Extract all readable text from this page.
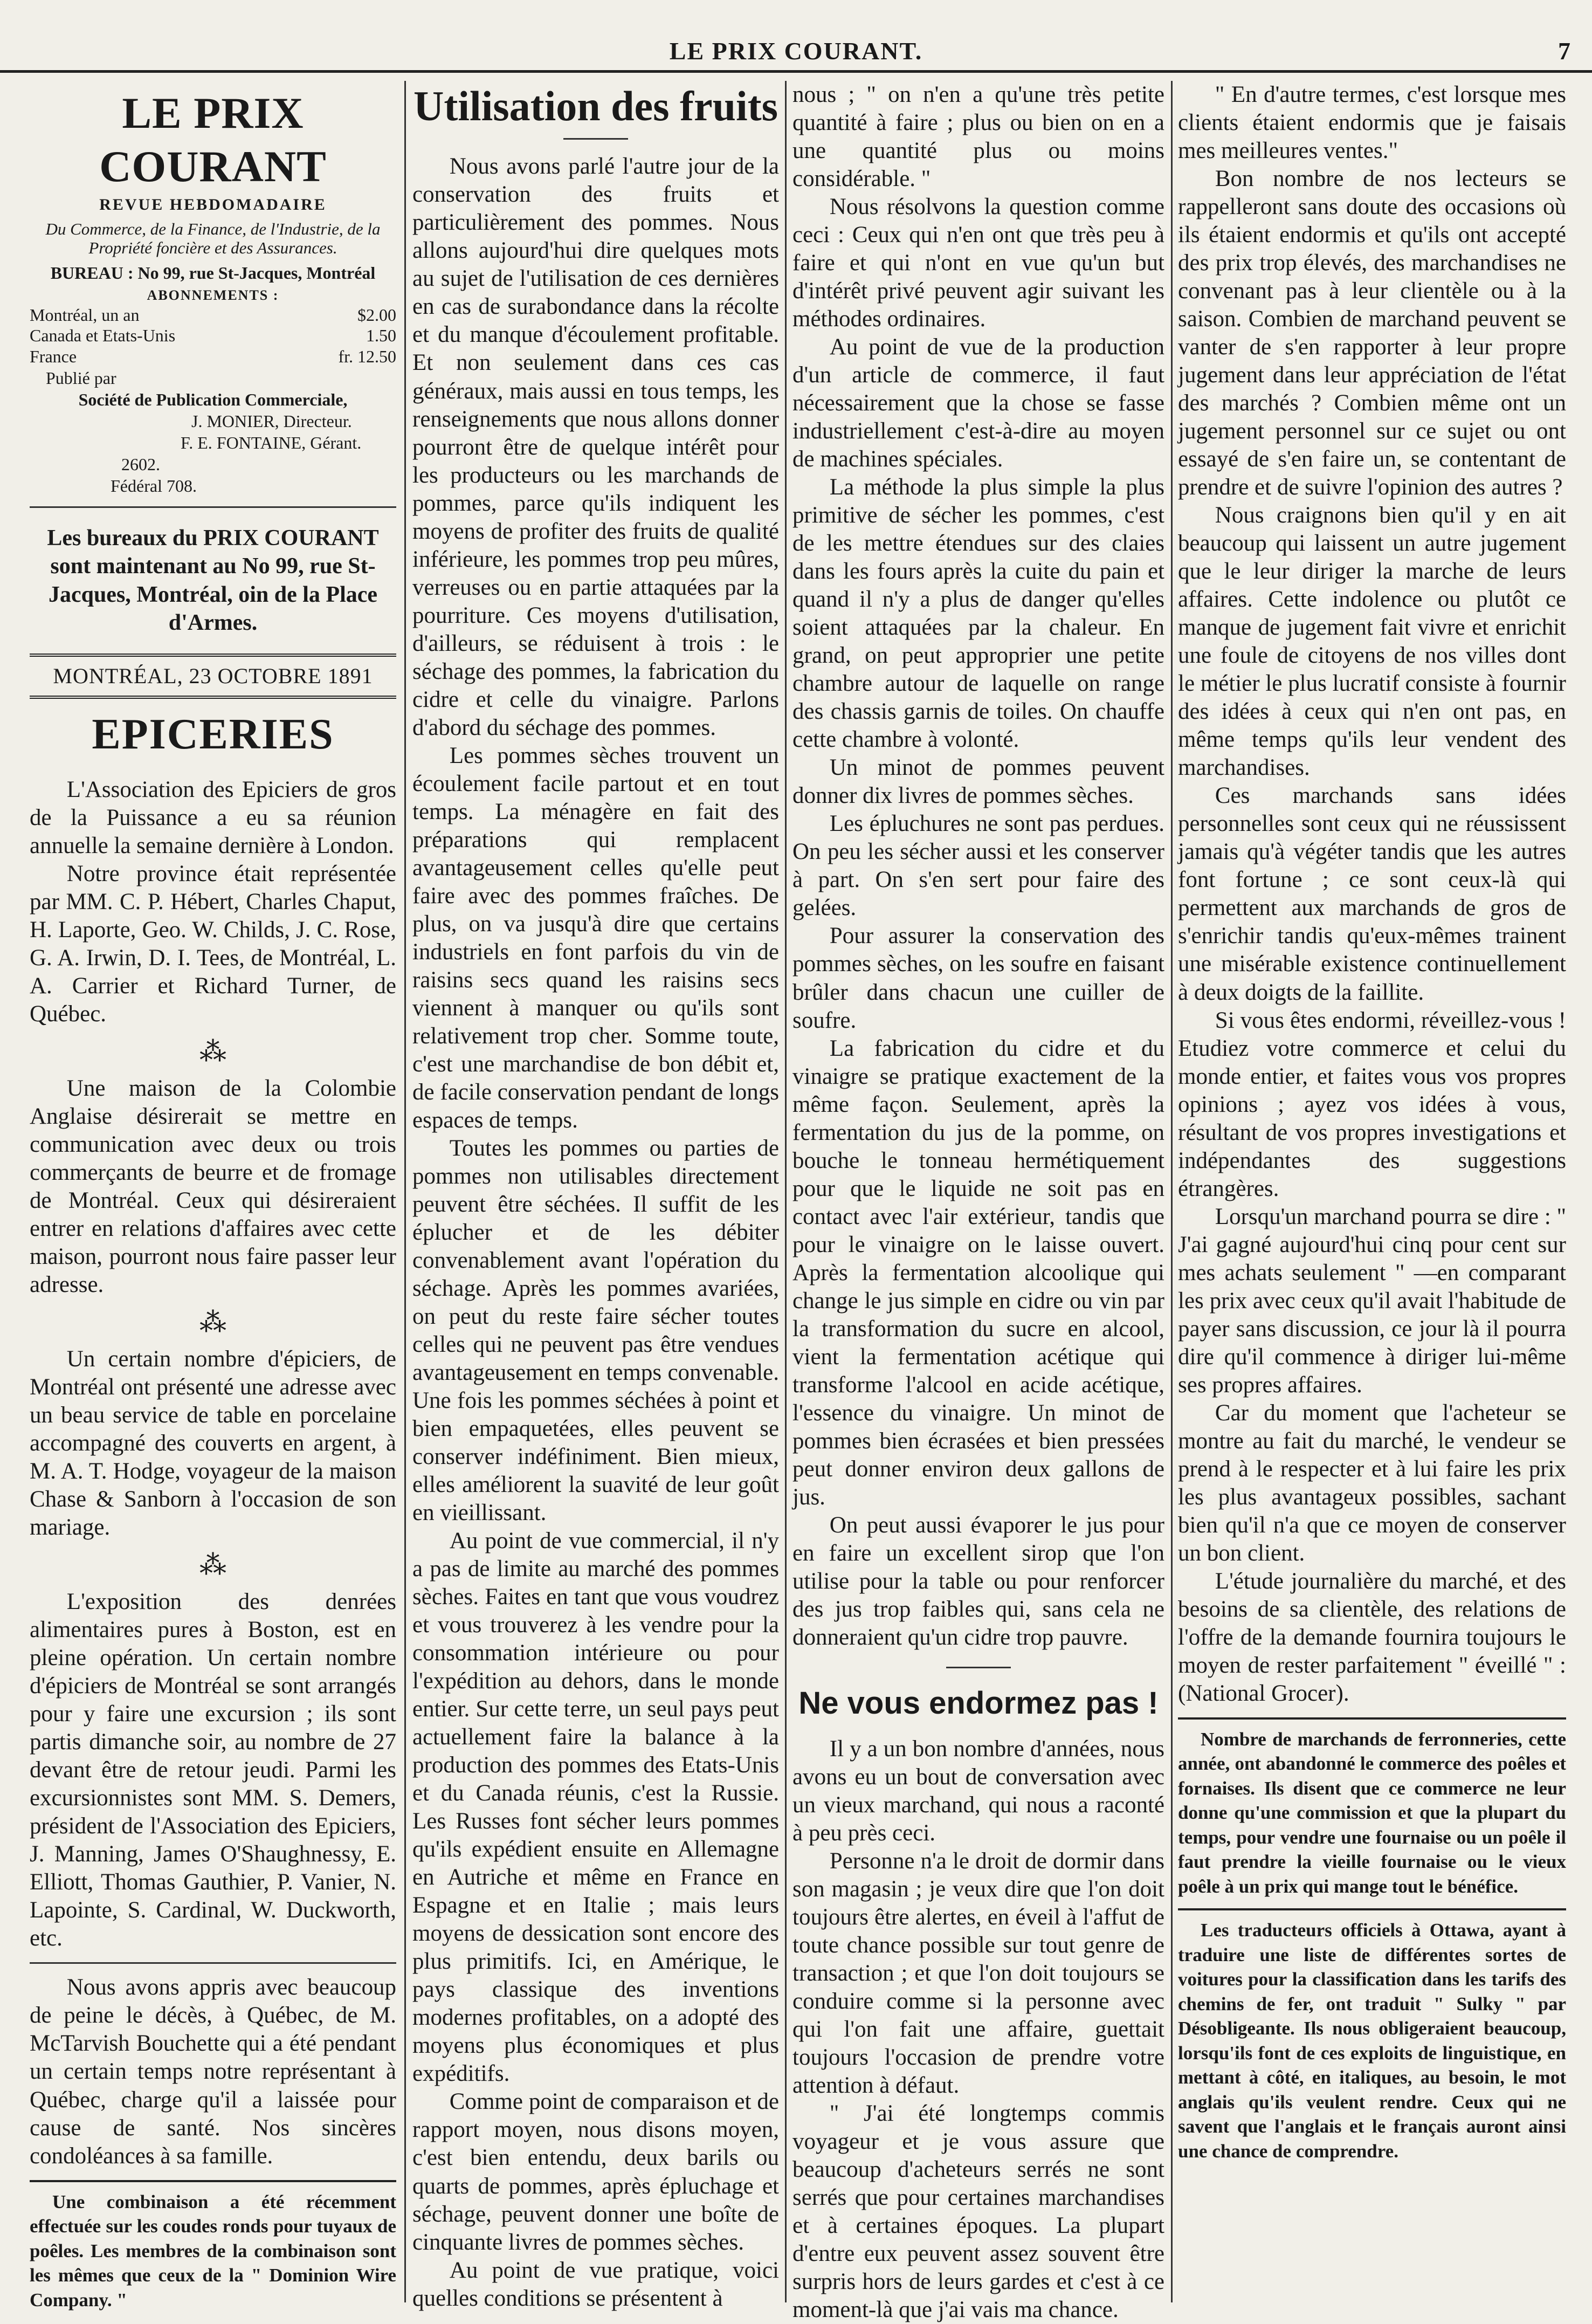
LE PRIX COURANT.	7
LE PRIX COURANT
REVUE HEBDOMADAIRE
Du Commerce, de la Finance, de l'Industrie, de la Propriété foncière et des Assurances.
BUREAU : No 99, rue St-Jacques, Montréal
ABONNEMENTS :
Montréal, un an	$2.00
Canada et Etats-Unis	1.50
France	fr. 12.50
Publié par
Société de Publication Commerciale,
J. MONIER, Directeur.
F. E. FONTAINE, Gérant.
2602.
Fédéral 708.
Les bureaux du PRIX COURANT sont maintenant au No 99, rue St-Jacques, Montréal, oin de la Place d'Armes.
MONTRÉAL, 23 OCTOBRE 1891
EPICERIES

L'Association des Epiciers de gros de la Puissance a eu sa réunion annuelle la semaine dernière à London.

Notre province était représentée par MM. C. P. Hébert, Charles Chaput, H. Laporte, Geo. W. Childs, J. C. Rose, G. A. Irwin, D. I. Tees, de Montréal, L. A. Carrier et Richard Turner, de Québec.

⁂

Une maison de la Colombie Anglaise désirerait se mettre en communication avec deux ou trois commerçants de beurre et de fromage de Montréal. Ceux qui désireraient entrer en relations d'affaires avec cette maison, pourront nous faire passer leur adresse.

⁂

Un certain nombre d'épiciers, de Montréal ont présenté une adresse avec un beau service de table en porcelaine accompagné des couverts en argent, à M. A. T. Hodge, voyageur de la maison Chase & Sanborn à l'occasion de son mariage.

⁂

L'exposition des denrées alimentaires pures à Boston, est en pleine opération. Un certain nombre d'épiciers de Montréal se sont arrangés pour y faire une excursion ; ils sont partis dimanche soir, au nombre de 27 devant être de retour jeudi. Parmi les excursionnistes sont MM. S. Demers, président de l'Association des Epiciers, J. Manning, James O'Shaughnessy, E. Elliott, Thomas Gauthier, P. Vanier, N. Lapointe, S. Cardinal, W. Duckworth, etc.

Nous avons appris avec beaucoup de peine le décès, à Québec, de M. McTarvish Bouchette qui a été pendant un certain temps notre représentant à Québec, charge qu'il a laissée pour cause de santé. Nos sincères condoléances à sa famille.

Une combinaison a été récemment effectuée sur les coudes ronds pour tuyaux de poêles. Les membres de la combinaison sont les mêmes que ceux de la " Dominion Wire Company. "

Utilisation des fruits

Nous avons parlé l'autre jour de la conservation des fruits et particulièrement des pommes. Nous allons aujourd'hui dire quelques mots au sujet de l'utilisation de ces dernières en cas de surabondance dans la récolte et du manque d'écoulement profitable. Et non seulement dans ces cas généraux, mais aussi en tous temps, les renseignements que nous allons donner pourront être de quelque intérêt pour les producteurs ou les marchands de pommes, parce qu'ils indiquent les moyens de profiter des fruits de qualité inférieure, les pommes trop peu mûres, verreuses ou en partie attaquées par la pourriture. Ces moyens d'utilisation, d'ailleurs, se réduisent à trois : le séchage des pommes, la fabrication du cidre et celle du vinaigre. Parlons d'abord du séchage des pommes.

Les pommes sèches trouvent un écoulement facile partout et en tout temps. La ménagère en fait des préparations qui remplacent avantageusement celles qu'elle peut faire avec des pommes fraîches. De plus, on va jusqu'à dire que certains industriels en font parfois du vin de raisins secs quand les raisins secs viennent à manquer ou qu'ils sont relativement trop cher. Somme toute, c'est une marchandise de bon débit et, de facile conservation pendant de longs espaces de temps.

Toutes les pommes ou parties de pommes non utilisables directement peuvent être séchées. Il suffit de les éplucher et de les débiter convenablement avant l'opération du séchage. Après les pommes avariées, on peut du reste faire sécher toutes celles qui ne peuvent pas être vendues avantageusement en temps convenable. Une fois les pommes séchées à point et bien empaquetées, elles peuvent se conserver indéfiniment. Bien mieux, elles améliorent la suavité de leur goût en vieillissant.

Au point de vue commercial, il n'y a pas de limite au marché des pommes sèches. Faites en tant que vous voudrez et vous trouverez à les vendre pour la consommation intérieure ou pour l'expédition au dehors, dans le monde entier. Sur cette terre, un seul pays peut actuellement faire la balance à la production des pommes des Etats-Unis et du Canada réunis, c'est la Russie. Les Russes font sécher leurs pommes qu'ils expédient ensuite en Allemagne en Autriche et même en France en Espagne et en Italie ; mais leurs moyens de dessication sont encore des plus primitifs. Ici, en Amérique, le pays classique des inventions modernes profitables, on a adopté des moyens plus économiques et plus expéditifs.

Comme point de comparaison et de rapport moyen, nous disons moyen, c'est bien entendu, deux barils ou quarts de pommes, après épluchage et séchage, peuvent donner une boîte de cinquante livres de pommes sèches.

Au point de vue pratique, voici quelles conditions se présentent à

nous ; " on n'en a qu'une très petite quantité à faire ; plus ou bien on en a une quantité plus ou moins considérable. "

Nous résolvons la question comme ceci : Ceux qui n'en ont que très peu à faire et qui n'ont en vue qu'un but d'intérêt privé peuvent agir suivant les méthodes ordinaires.

Au point de vue de la production d'un article de commerce, il faut nécessairement que la chose se fasse industriellement c'est-à-dire au moyen de machines spéciales.

La méthode la plus simple la plus primitive de sécher les pommes, c'est de les mettre étendues sur des claies dans les fours après la cuite du pain et quand il n'y a plus de danger qu'elles soient attaquées par la chaleur. En grand, on peut approprier une petite chambre autour de laquelle on range des chassis garnis de toiles. On chauffe cette chambre à volonté.

Un minot de pommes peuvent donner dix livres de pommes sèches.

Les épluchures ne sont pas perdues. On peu les sécher aussi et les conserver à part. On s'en sert pour faire des gelées.

Pour assurer la conservation des pommes sèches, on les soufre en faisant brûler dans chacun une cuiller de soufre.

La fabrication du cidre et du vinaigre se pratique exactement de la même façon. Seulement, après la fermentation du jus de la pomme, on bouche le tonneau hermétiquement pour que le liquide ne soit pas en contact avec l'air extérieur, tandis que pour le vinaigre on le laisse ouvert. Après la fermentation alcoolique qui change le jus simple en cidre ou vin par la transformation du sucre en alcool, vient la fermentation acétique qui transforme l'alcool en acide acétique, l'essence du vinaigre. Un minot de pommes bien écrasées et bien pressées peut donner environ deux gallons de jus.

On peut aussi évaporer le jus pour en faire un excellent sirop que l'on utilise pour la table ou pour renforcer des jus trop faibles qui, sans cela ne donneraient qu'un cidre trop pauvre.

Ne vous endormez pas !

Il y a un bon nombre d'années, nous avons eu un bout de conversation avec un vieux marchand, qui nous a raconté à peu près ceci.

Personne n'a le droit de dormir dans son magasin ; je veux dire que l'on doit toujours être alertes, en éveil à l'affut de toute chance possible sur tout genre de transaction ; et que l'on doit toujours se conduire comme si la personne avec qui l'on fait une affaire, guettait toujours l'occasion de prendre votre attention à défaut.

" J'ai été longtemps commis voyageur et je vous assure que beaucoup d'acheteurs serrés ne sont serrés que pour certaines marchandises et à certaines époques. La plupart d'entre eux peuvent assez souvent être surpris hors de leurs gardes et c'est à ce moment-là que j'ai vais ma chance.

" En d'autre termes, c'est lorsque mes clients étaient endormis que je faisais mes meilleures ventes."

Bon nombre de nos lecteurs se rappelleront sans doute des occasions où ils étaient endormis et qu'ils ont accepté des prix trop élevés, des marchandises ne convenant pas à leur clientèle ou à la saison. Combien de marchand peuvent se vanter de s'en rapporter à leur propre jugement dans leur appréciation de l'état des marchés ? Combien même ont un jugement personnel sur ce sujet ou ont essayé de s'en faire un, se contentant de prendre et de suivre l'opinion des autres ?

Nous craignons bien qu'il y en ait beaucoup qui laissent un autre jugement que le leur diriger la marche de leurs affaires. Cette indolence ou plutôt ce manque de jugement fait vivre et enrichit une foule de citoyens de nos villes dont le métier le plus lucratif consiste à fournir des idées à ceux qui n'en ont pas, en même temps qu'ils leur vendent des marchandises.

Ces marchands sans idées personnelles sont ceux qui ne réussissent jamais qu'à végéter tandis que les autres font fortune ; ce sont ceux-là qui permettent aux marchands de gros de s'enrichir tandis qu'eux-mêmes trainent une misérable existence continuellement à deux doigts de la faillite.

Si vous êtes endormi, réveillez-vous ! Etudiez votre commerce et celui du monde entier, et faites vous vos propres opinions ; ayez vos idées à vous, résultant de vos propres investigations et indépendantes des suggestions étrangères.

Lorsqu'un marchand pourra se dire : " J'ai gagné aujourd'hui cinq pour cent sur mes achats seulement " —en comparant les prix avec ceux qu'il avait l'habitude de payer sans discussion, ce jour là il pourra dire qu'il commence à diriger lui-même ses propres affaires.

Car du moment que l'acheteur se montre au fait du marché, le vendeur se prend à le respecter et à lui faire les prix les plus avantageux possibles, sachant bien qu'il n'a que ce moyen de conserver un bon client.

L'étude journalière du marché, et des besoins de sa clientèle, des relations de l'offre de la demande fournira toujours le moyen de rester parfaitement " éveillé " : (National Grocer).

Nombre de marchands de ferronneries, cette année, ont abandonné le commerce des poêles et fornaises. Ils disent que ce commerce ne leur donne qu'une commission et que la plupart du temps, pour vendre une fournaise ou un poêle il faut prendre la vieille fournaise ou le vieux poêle à un prix qui mange tout le bénéfice.

Les traducteurs officiels à Ottawa, ayant à traduire une liste de différentes sortes de voitures pour la classification dans les tarifs des chemins de fer, ont traduit " Sulky " par Désobligeante. Ils nous obligeraient beaucoup, lorsqu'ils font de ces exploits de linguistique, en mettant à côté, en italiques, au besoin, le mot anglais qu'ils veulent rendre. Ceux qui ne savent que l'anglais et le français auront ainsi une chance de comprendre.
